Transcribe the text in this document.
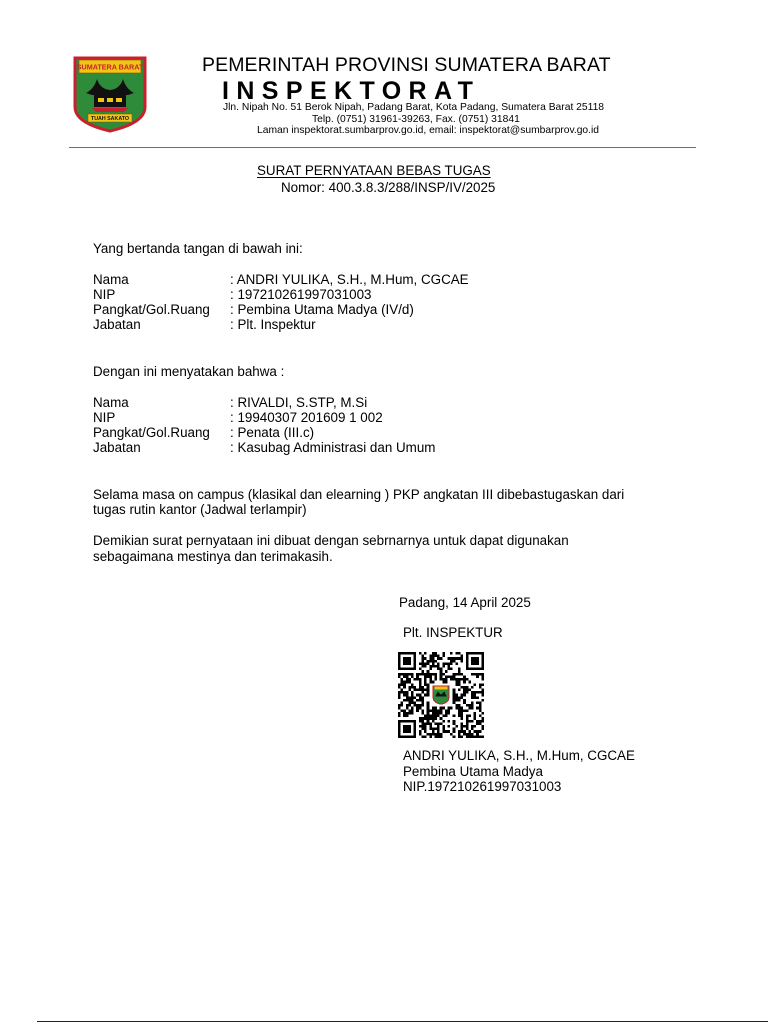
SUMATERA BARAT
TUAH SAKATO
PEMERINTAH PROVINSI SUMATERA BARAT
INSPEKTORAT
Jln. Nipah No. 51 Berok Nipah, Padang Barat, Kota Padang, Sumatera Barat 25118
Telp. (0751) 31961-39263, Fax. (0751) 31841
Laman inspektorat.sumbarprov.go.id, email: inspektorat@sumbarprov.go.id
SURAT PERNYATAAN BEBAS TUGAS
Nomor: 400.3.8.3/288/INSP/IV/2025
Yang bertanda tangan di bawah ini:
Nama	: ANDRI YULIKA, S.H., M.Hum, CGCAE
NIP	: 197210261997031003
Pangkat/Gol.Ruang : Pembina Utama Madya (IV/d)
Jabatan	: Plt. Inspektur
Dengan ini menyatakan bahwa :
Nama	: RIVALDI, S.STP, M.Si
NIP	: 19940307 201609 1 002
Pangkat/Gol.Ruang : Penata (III.c)
Jabatan	: Kasubag Administrasi dan Umum
Selama masa on campus (klasikal dan elearning ) PKP angkatan III dibebastugaskan dari
tugas rutin kantor (Jadwal terlampir)
Demikian surat pernyataan ini dibuat dengan sebrnarnya untuk dapat digunakan
sebagaimana mestinya dan terimakasih.
Padang, 14 April 2025
Plt. INSPEKTUR
ANDRI YULIKA, S.H., M.Hum, CGCAE
Pembina Utama Madya
NIP.197210261997031003
